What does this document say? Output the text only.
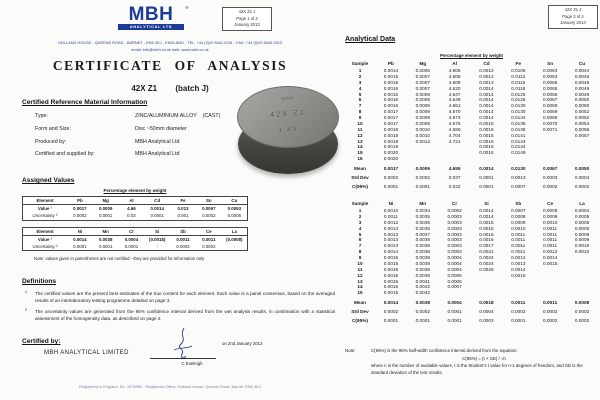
MBH	®
ANALYTICAL LTD
42X Z1 J
Page 1 of 4
January 2013
HOLLAND HOUSE - QUEENS ROAD - BARNET - EN5 4DJ - ENGLAND - TEL. +44 (0)20 8441 2031 - FAX. +44 (0)20 8449 0313
email: info@mbh.co.uk web: www.mbh.co.uk
CERTIFICATE OF ANALYSIS
42X Z1 (batch J)
Certified Reference Material Information
Type:	ZINC/ALUMINIUM ALLOY    (CAST)
Form and Size:	Disc ~50mm diameter
Produced by:	MBH Analytical Ltd
Certified and supplied by:	MBH Analytical Ltd
MBH
42X Z1
J 49
Assigned Values
Percentage element by weight
Element	Pb	Mg	Al	Cd	Fe	Sn	Cu
Value ¹	0.0017	0.0009	4.66	0.0014	0.013	0.0067	0.0053
Uncertainty ²	0.0002	0.0001	0.03	0.0001	0.001	0.0002	0.0006
Element	Ni	Mn	Cr	Si	Sb	Ce	La
Value ¹	0.0014	0.0038	0.0004	(0.0018)	0.0011	0.0011	(0.0008)
Uncertainty ²	0.0001	0.0001	0.0001	-	0.0002	0.0002	-
Note: values given in parentheses are not certified - they are provided for information only
Definitions
1 The certified values are the present best estimates of the true content for each element. Each value is a panel consensus, based on the averaged results of an interlaboratory testing programme detailed on page 3.
2 The uncertainty values are generated from the 95% confidence interval derived from the wet analysis results, in combination with a statistical assessment of the homogeneity data, as described on page 2.
Certified by:
MBH ANALYTICAL LIMITED
on 2nd January 2013
C Eveleigh
Registered in England, No. 1575883 - Registered Office: Holland House, Queens Road, Barnet, EN5 4DJ
42X Z1 J
Page 3 of 4
January 2013
Analytical Data
Percentage element by weight
Sample	Pb	Mg	Al	Cd	Fe	Sn	Cu
1	0.0014	0.0006	4.605	0.0012	0.0105	0.0063	0.0044
2	0.0015	0.0007	4.608	0.0013	0.0112	0.0063	0.0046
3	0.0015	0.0007	4.609	0.0013	0.0116	0.0065	0.0046
4	0.0016	0.0007	4.620	0.0014	0.0118	0.0065	0.0049
5	0.0016	0.0008	4.647	0.0014	0.0125	0.0066	0.0049
6	0.0016	0.0009	4.649	0.0014	0.0126	0.0067	0.0050
7	0.0016	0.0009	4.661	0.0014	0.0130	0.0069	0.0050
8	0.0017	0.0009	4.670	0.0014	0.0130	0.0069	0.0052
9	0.0017	0.0009	4.673	0.0014	0.0134	0.0069	0.0052
10	0.0017	0.0009	4.676	0.0015	0.0135	0.0070	0.0054
11	0.0018	0.0010	4.680	0.0015	0.0138	0.0071	0.0055
12	0.0018	0.0010	4.704	0.0015	0.0141		0.0057
13	0.0018	0.0012	4.721	0.0015	0.0144		
14	0.0019			0.0016	0.0144		
15	0.0020			0.0016	0.0149		
16	0.0020						
Mean	0.0017	0.0009	4.655	0.0014	0.0130	0.0067	0.0050
Std Dev	0.0002	0.0002	0.037	0.0001	0.0013	0.0003	0.0004
C(95%)	0.0001	0.0001	0.022	0.0001	0.0007	0.0002	0.0002
Sample	Ni	Mn	Cr	Si	Sb	Ce	La
1	0.0010	0.0034	0.0002	0.0014	0.0007	0.0009	0.0004
2	0.0011	0.0035	0.0003	0.0014	0.0008	0.0009	0.0005
3	0.0012	0.0035	0.0003	0.0015	0.0009	0.0010	0.0005
4	0.0013	0.0035	0.0003	0.0015	0.0010	0.0011	0.0005
5	0.0013	0.0037	0.0003	0.0015	0.0011	0.0011	0.0009
6	0.0013	0.0038	0.0003	0.0016	0.0011	0.0011	0.0009
7	0.0013	0.0038	0.0003	0.0017	0.0011	0.0011	0.0010
8	0.0014	0.0038	0.0003	0.0021	0.0011	0.0012	0.0010
9	0.0015	0.0038	0.0004	0.0024	0.0012	0.0014	
10	0.0015	0.0038	0.0004	0.0024	0.0013	0.0015	
11	0.0015	0.0038	0.0004	0.0025	0.0014		
12	0.0015	0.0039	0.0005		0.0015		
13	0.0015	0.0041	0.0006				
14	0.0015	0.0042	0.0007				
15	0.0015	0.0042					
Mean	0.0014	0.0038	0.0004	0.0018	0.0011	0.0011	0.0008
Std Dev	0.0002	0.0002	0.0001	0.0004	0.0002	0.0002	0.0002
C(95%)	0.0001	0.0001	0.0001	0.0003	0.0001	0.0002	0.0002
Note:	C(95%) is the 95% half-width confidence interval derived from the equation:
C(95%) = (t × SD) / √n
where n is the number of available values, t is the Student's t value for n-1 degrees of freedom, and SD is the standard deviation of the test results.
